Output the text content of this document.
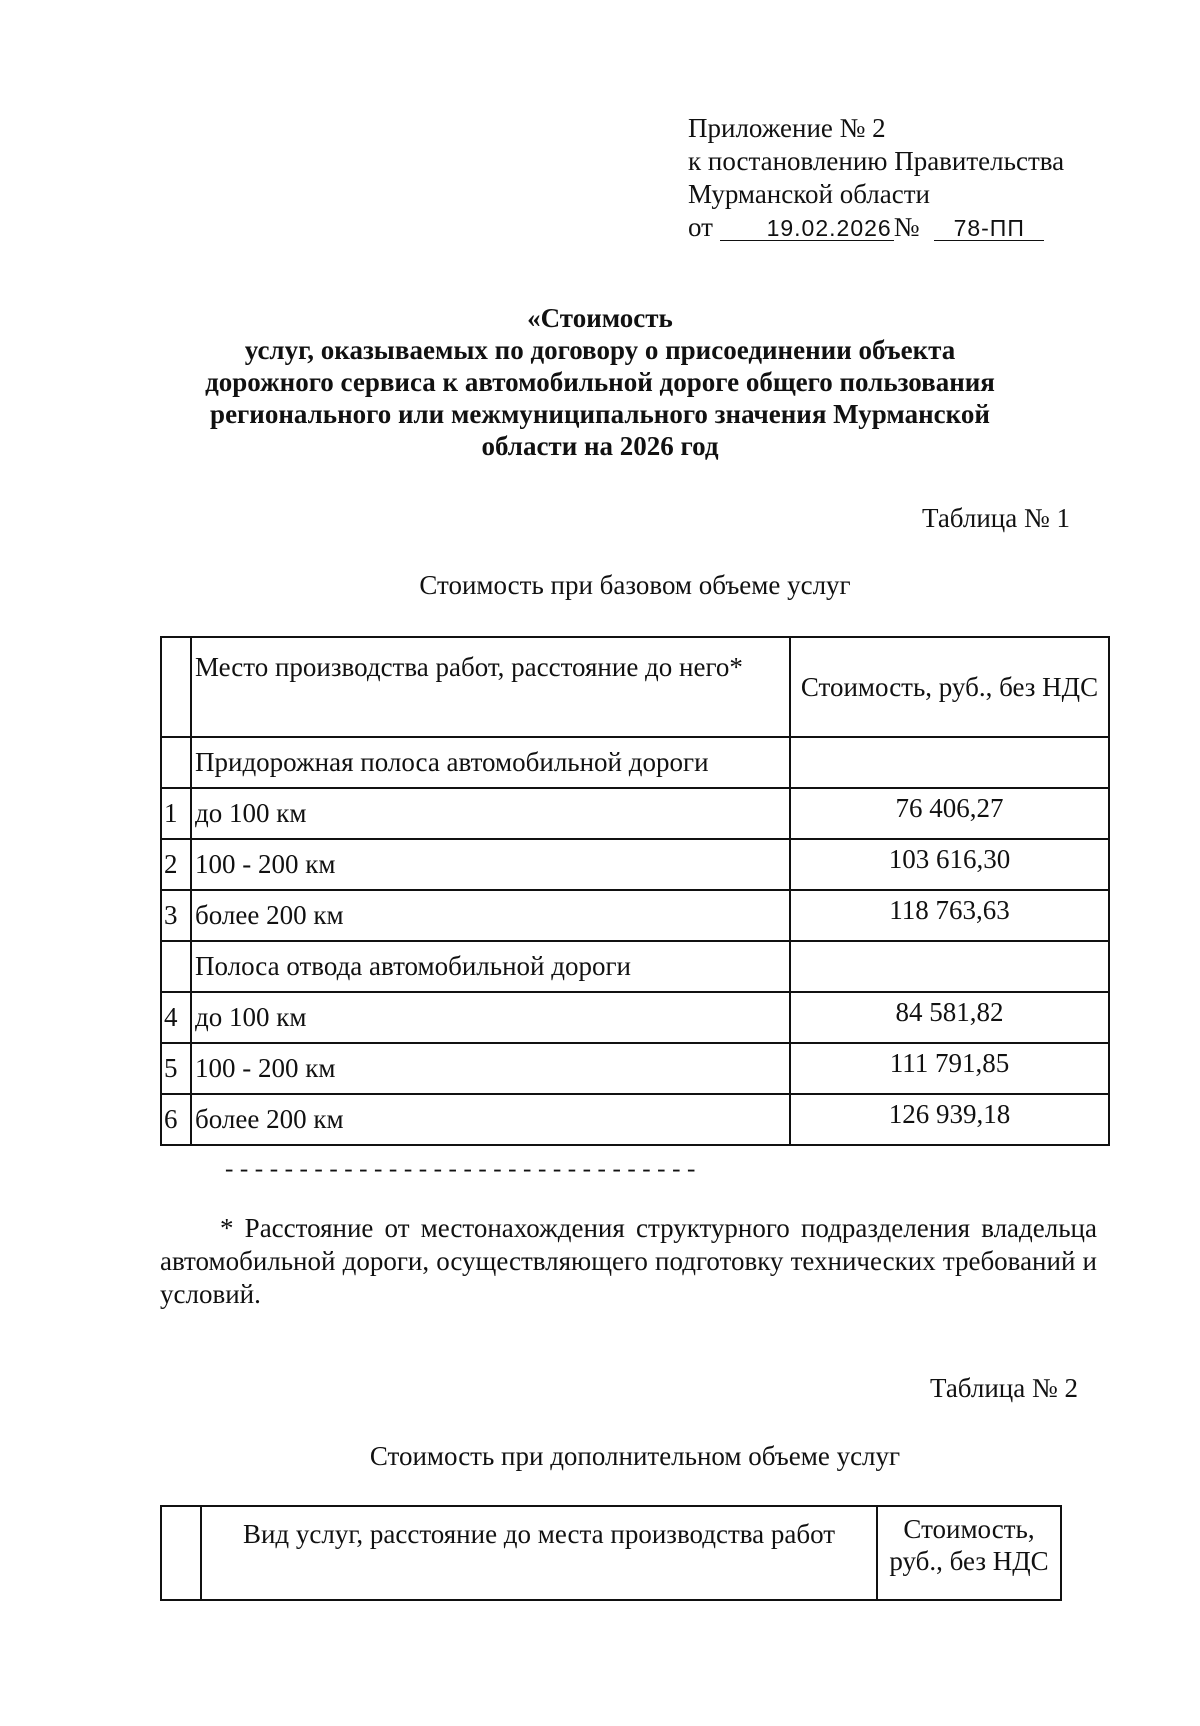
Приложение № 2
к постановлению Правительства
Мурманской области
от 19.02.2026№ 78-ПП
«Стоимость
услуг, оказываемых по договору о присоединении объекта
дорожного сервиса к автомобильной дороге общего пользования
регионального или межмуниципального значения Мурманской
области на 2026 год
Таблица № 1
Стоимость при базовом объеме услуг
	Место производства работ, расстояние до него*	Стоимость, руб., без НДС
	Придорожная полоса автомобильной дороги	
1	до 100 км	76 406,27
2	100 - 200 км	103 616,30
3	более 200 км	118 763,63
	Полоса отвода автомобильной дороги	
4	до 100 км	84 581,82
5	100 - 200 км	111 791,85
6	более 200 км	126 939,18
--------------------------------
* Расстояние от местонахождения структурного подразделения владельца автомобильной дороги, осуществляющего подготовку технических требований и условий.
Таблица № 2
Стоимость при дополнительном объеме услуг
	Вид услуг, расстояние до места производства работ	Стоимость,
руб., без НДС
